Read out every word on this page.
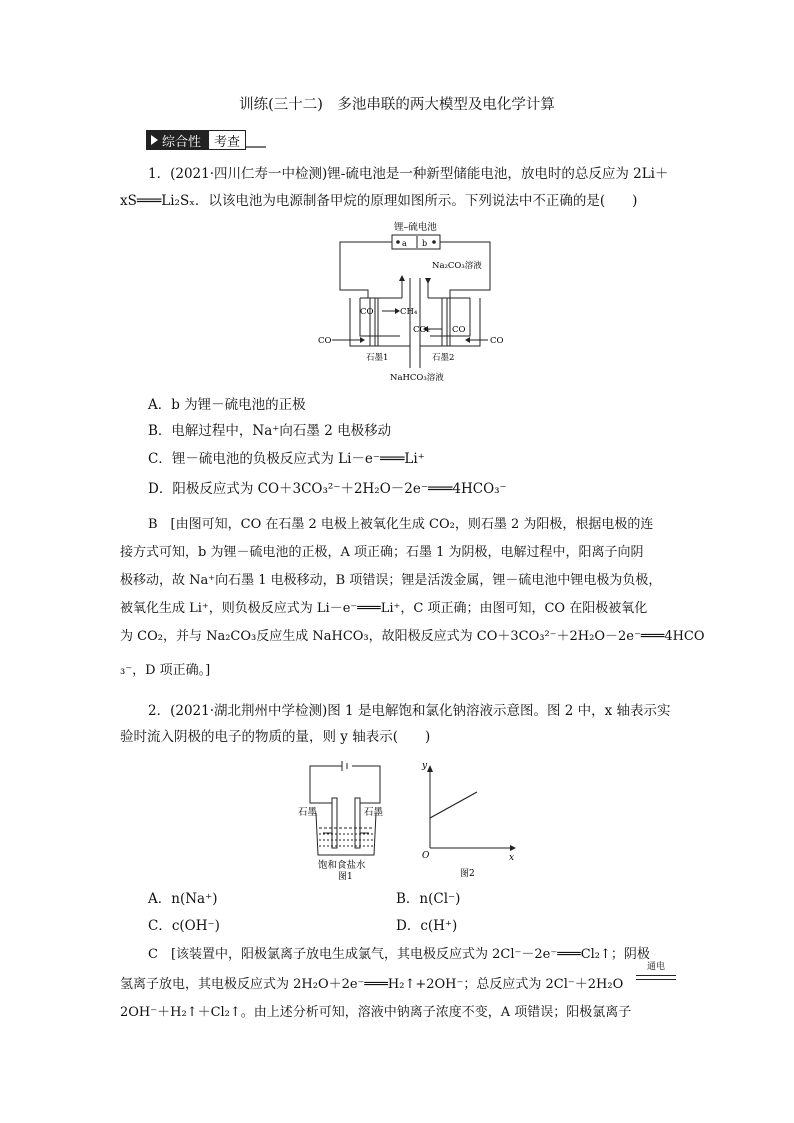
训练(三十二)　多池串联的两大模型及电化学计算
综合性	考查
1．(2021·四川仁寿一中检测)锂-硫电池是一种新型储能电池，放电时的总反应为 2Li＋
xS═══Li₂Sₓ．以该电池为电源制备甲烷的原理如图所示。下列说法中不正确的是(　　)
锂–硫电池
a b
Na₂CO₃溶液
CO
CO	CH₄
CO₂	CO
CO
石墨1	石墨2
NaHCO₃溶液
A．b 为锂－硫电池的正极
B．电解过程中，Na⁺向石墨 2 电极移动
C．锂－硫电池的负极反应式为 Li－e⁻═══Li⁺
D．阳极反应式为 CO＋3CO₃²⁻＋2H₂O－2e⁻═══4HCO₃⁻
B　[由图可知，CO 在石墨 2 电极上被氧化生成 CO₂，则石墨 2 为阳极，根据电极的连
接方式可知，b 为锂－硫电池的正极，A 项正确；石墨 1 为阴极，电解过程中，阳离子向阴
极移动，故 Na⁺向石墨 1 电极移动，B 项错误；锂是活泼金属，锂－硫电池中锂电极为负极，
被氧化生成 Li⁺，则负极反应式为 Li－e⁻═══Li⁺，C 项正确；由图可知，CO 在阳极被氧化
为 CO₂，并与 Na₂CO₃反应生成 NaHCO₃，故阳极反应式为 CO＋3CO₃²⁻＋2H₂O－2e⁻═══4HCO
₃⁻，D 项正确。]
2．(2021·湖北荆州中学检测)图 1 是电解饱和氯化钠溶液示意图。图 2 中，x 轴表示实
验时流入阴极的电子的物质的量，则 y 轴表示(　　)
石墨	石墨
饱和食盐水
图1
y
x
O
图2
A．n(Na⁺)	B．n(Cl⁻)
C．c(OH⁻)	D．c(H⁺)
C　[该装置中，阳极氯离子放电生成氯气，其电极反应式为 2Cl⁻－2e⁻═══Cl₂↑；阴极
氢离子放电，其电极反应式为 2H₂O＋2e⁻═══H₂↑+2OH⁻；总反应式为 2Cl⁻＋2H₂O
通电
2OH⁻＋H₂↑＋Cl₂↑。由上述分析可知，溶液中钠离子浓度不变，A 项错误；阳极氯离子
